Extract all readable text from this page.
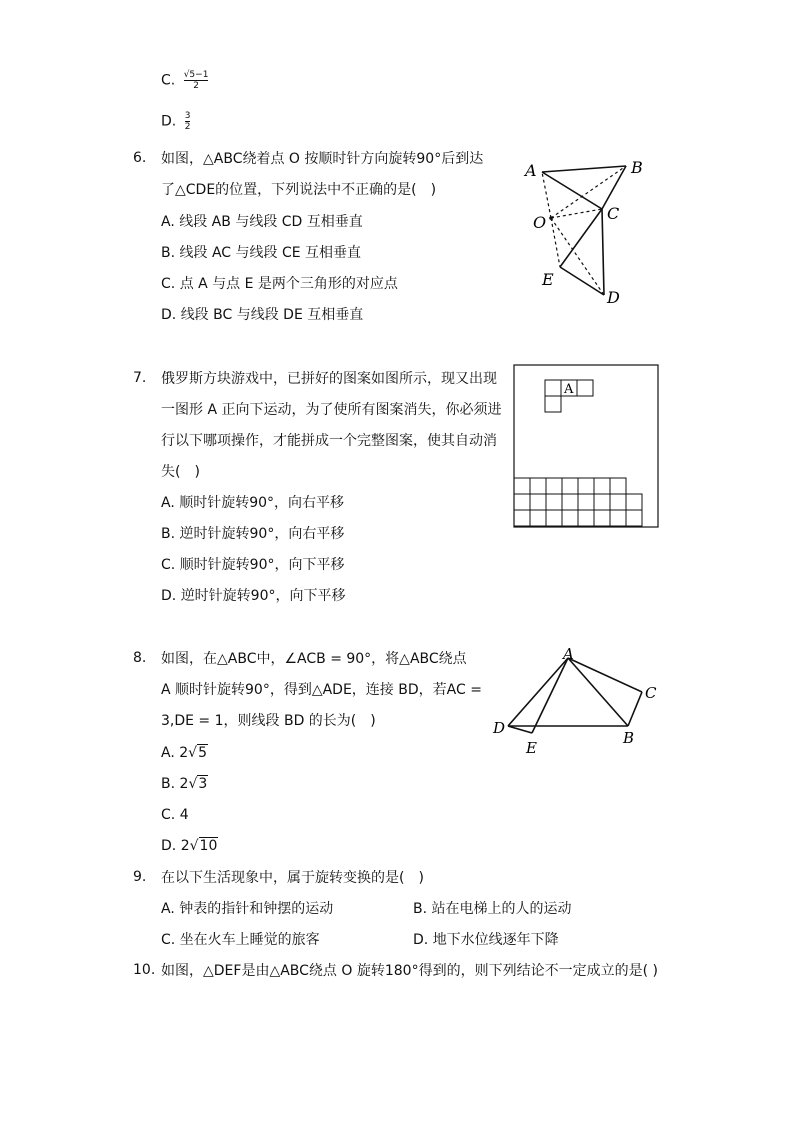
C. $\frac{√5-1}{2}$
D. $\frac{3}{2}$
6. 如图，△ABC绕着点 O 按顺时针方向旋转90°后到达
了△CDE的位置，下列说法中不正确的是(　)
A. 线段 AB 与线段 CD 互相垂直
B. 线段 AC 与线段 CE 互相垂直
C. 点 A 与点 E 是两个三角形的对应点
D. 线段 BC 与线段 DE 互相垂直
A	B
O	C
E
D
7. 俄罗斯方块游戏中，已拼好的图案如图所示，现又出现
一图形 A 正向下运动，为了使所有图案消失，你必须进
行以下哪项操作，才能拼成一个完整图案，使其自动消
失(　)
A. 顺时针旋转90°，向右平移
B. 逆时针旋转90°，向右平移
C. 顺时针旋转90°，向下平移
D. 逆时针旋转90°，向下平移
A
8. 如图，在△ABC中，∠ACB = 90°，将△ABC绕点
A 顺时针旋转90°，得到△ADE，连接 BD，若AC =
3,DE = 1，则线段 BD 的长为(　)
A. 2√5
B. 2√3
C. 4
D. 2√10
A
C
D
E
B
9. 在以下生活现象中，属于旋转变换的是(　)
A. 钟表的指针和钟摆的运动	B. 站在电梯上的人的运动
C. 坐在火车上睡觉的旅客	D. 地下水位线逐年下降
10. 如图，△DEF是由△ABC绕点 O 旋转180°得到的，则下列结论不一定成立的是( )
